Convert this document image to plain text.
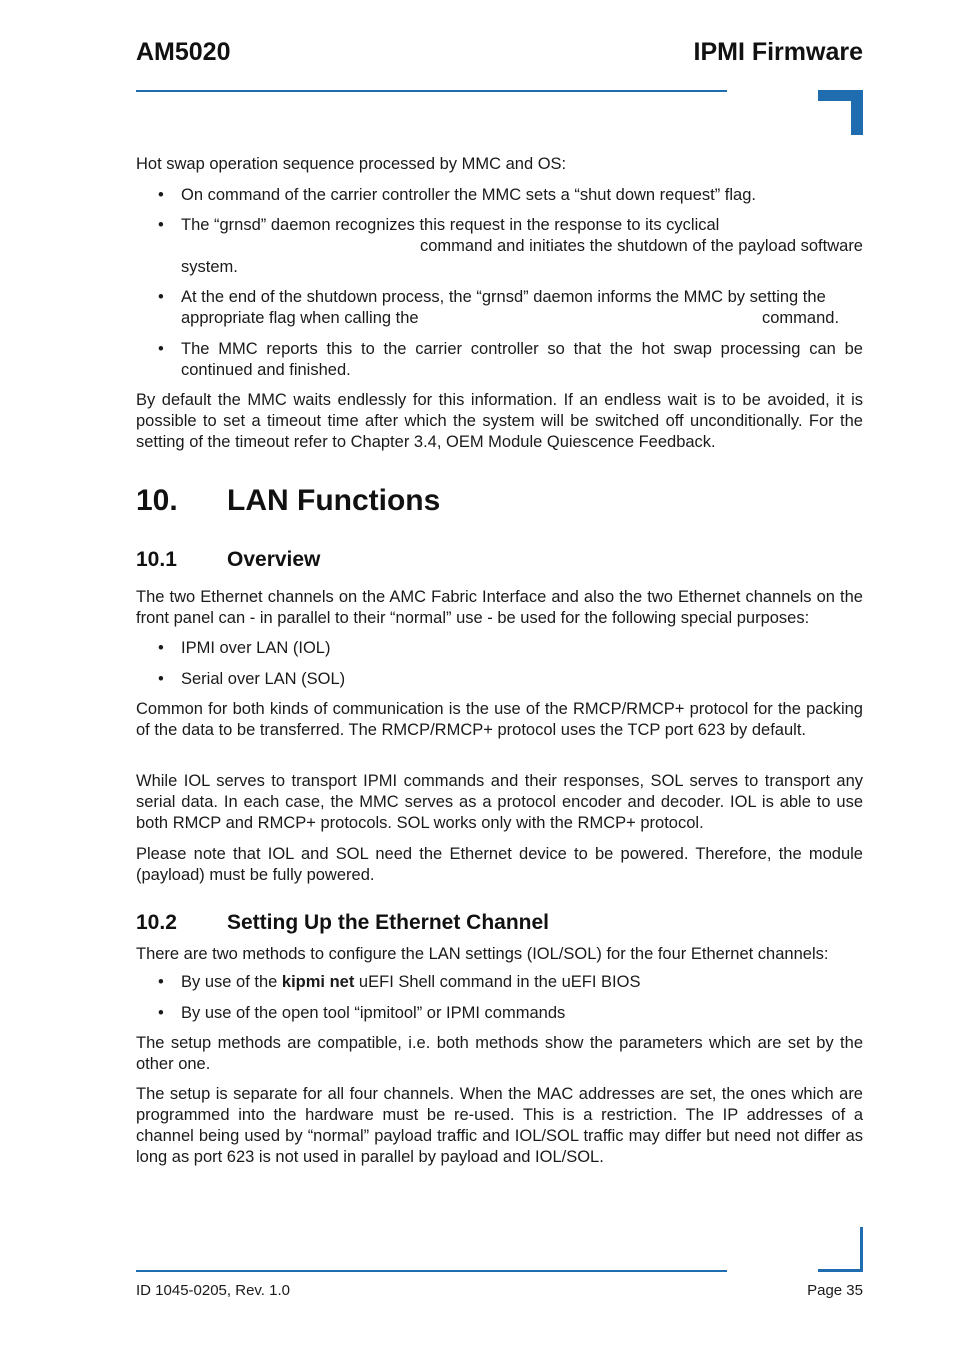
AM5020	IPMI Firmware
Hot swap operation sequence processed by MMC and OS:
• On command of the carrier controller the MMC sets a “shut down request” flag.
• The “grnsd” daemon recognizes this request in the response to its cyclical
command and initiates the shutdown of the payload software
system.
• At the end of the shutdown process, the “grnsd” daemon informs the MMC by setting the
appropriate flag when calling the	command.
• The MMC reports this to the carrier controller so that the hot swap processing can be continued and finished.
By default the MMC waits endlessly for this information. If an endless wait is to be avoided, it is possible to set a timeout time after which the system will be switched off unconditionally. For the setting of the timeout refer to Chapter 3.4, OEM Module Quiescence Feedback.
10. LAN Functions
10.1 Overview
The two Ethernet channels on the AMC Fabric Interface and also the two Ethernet channels on the front panel can - in parallel to their “normal” use - be used for the following special purposes:
• IPMI over LAN (IOL)
• Serial over LAN (SOL)
Common for both kinds of communication is the use of the RMCP/RMCP+ protocol for the packing of the data to be transferred. The RMCP/RMCP+ protocol uses the TCP port 623 by default.
While IOL serves to transport IPMI commands and their responses, SOL serves to transport any serial data. In each case, the MMC serves as a protocol encoder and decoder. IOL is able to use both RMCP and RMCP+ protocols. SOL works only with the RMCP+ protocol.
Please note that IOL and SOL need the Ethernet device to be powered. Therefore, the module (payload) must be fully powered.
10.2 Setting Up the Ethernet Channel
There are two methods to configure the LAN settings (IOL/SOL) for the four Ethernet channels:
• By use of the kipmi net uEFI Shell command in the uEFI BIOS
• By use of the open tool “ipmitool” or IPMI commands
The setup methods are compatible, i.e. both methods show the parameters which are set by the other one.
The setup is separate for all four channels. When the MAC addresses are set, the ones which are programmed into the hardware must be re-used. This is a restriction. The IP addresses of a channel being used by “normal” payload traffic and IOL/SOL traffic may differ but need not differ as long as port 623 is not used in parallel by payload and IOL/SOL.
ID 1045-0205, Rev. 1.0	Page 35
